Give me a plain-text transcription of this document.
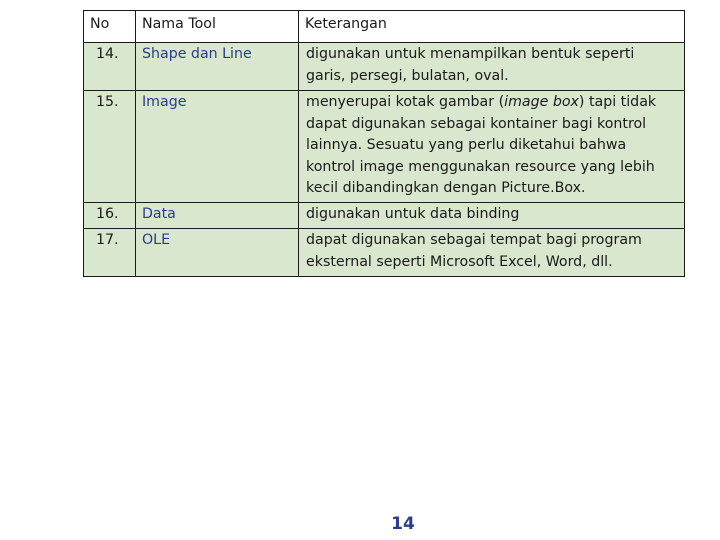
No	Nama Tool	Keterangan
14.	Shape dan Line	digunakan untuk menampilkan bentuk seperti garis, persegi, bulatan, oval.
15.	Image	menyerupai kotak gambar (image box) tapi tidak dapat digunakan sebagai kontainer bagi kontrol lainnya. Sesuatu yang perlu diketahui bahwa kontrol image menggunakan resource yang lebih kecil dibandingkan dengan Picture.Box.
16.	Data	digunakan untuk data binding
17.	OLE	dapat digunakan sebagai tempat bagi program eksternal seperti Microsoft Excel, Word, dll.
14
